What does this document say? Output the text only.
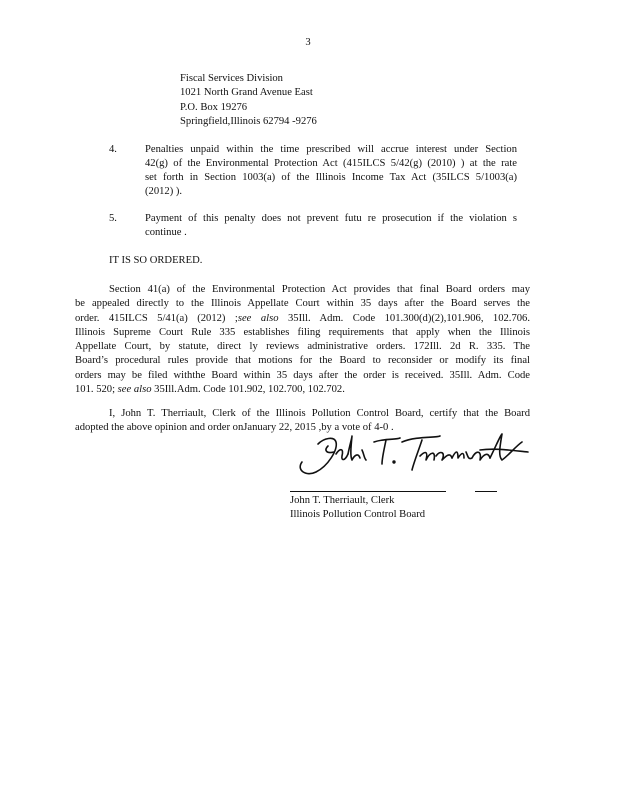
3
Fiscal Services Division
1021 North Grand Avenue East
P.O. Box 19276
Springfield,Illinois 62794 -9276
4.	Penalties unpaid within the time prescribed will accrue interest under Section
42(g) of the Environmental Protection Act (415ILCS 5/42(g) (2010) ) at the rate
set forth in Section 1003(a) of the Illinois Income Tax Act (35ILCS 5/1003(a)
(2012) ).
5.	Payment of this penalty does not prevent futu re prosecution if the violation s
continue .
IT IS SO ORDERED.
Section 41(a) of the Environmental Protection Act provides that final Board orders may
be appealed directly to the Illinois Appellate Court within 35 days after the Board serves the
order. 415ILCS 5/41(a) (2012) ;see also 35Ill. Adm. Code 101.300(d)(2),101.906, 102.706.
Illinois Supreme Court Rule 335 establishes filing requirements that apply when the Illinois
Appellate Court, by statute, direct ly reviews administrative orders. 172Ill. 2d R. 335. The
Board’s procedural rules provide that motions for the Board to reconsider or modify its final
orders may be filed withthe Board within 35 days after the order is received. 35Ill. Adm. Code
101. 520; see also 35Ill.Adm. Code 101.902, 102.700, 102.702.
I, John T. Therriault, Clerk of the Illinois Pollution Control Board, certify that the Board
adopted the above opinion and order onJanuary 22, 2015 ,by a vote of 4-0 .
John T. Therriault, Clerk
Illinois Pollution Control Board
